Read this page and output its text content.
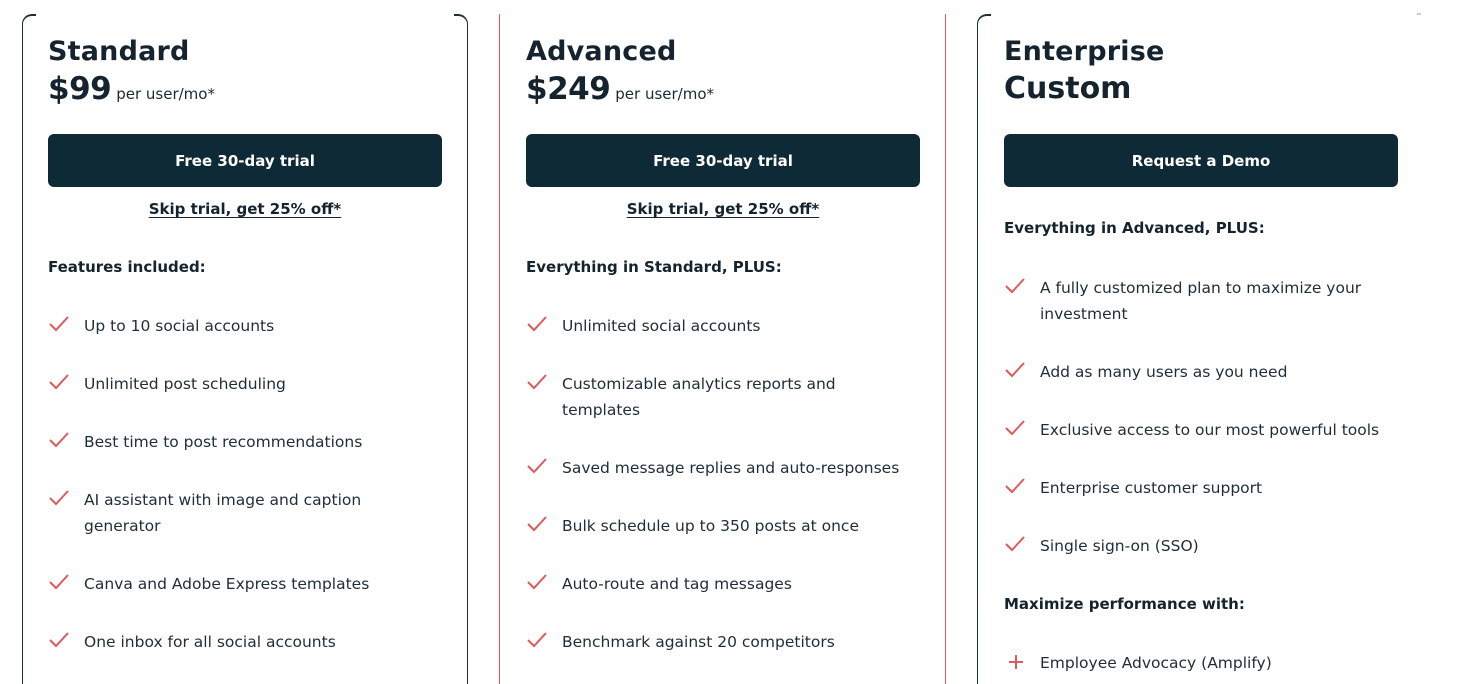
Standard
$99 per user/mo*
Free 30-day trial
Skip trial, get 25% off*
Features included:
Up to 10 social accounts
Unlimited post scheduling
Best time to post recommendations
AI assistant with image and caption generator
Canva and Adobe Express templates
One inbox for all social accounts
Advanced
$249 per user/mo*
Free 30-day trial
Skip trial, get 25% off*
Everything in Standard, PLUS:
Unlimited social accounts
Customizable analytics reports and templates
Saved message replies and auto-responses
Bulk schedule up to 350 posts at once
Auto-route and tag messages
Benchmark against 20 competitors
Enterprise
Custom
Request a Demo
Everything in Advanced, PLUS:
A fully customized plan to maximize your investment
Add as many users as you need
Exclusive access to our most powerful tools
Enterprise customer support
Single sign-on (SSO)
Maximize performance with:
Employee Advocacy (Amplify)
